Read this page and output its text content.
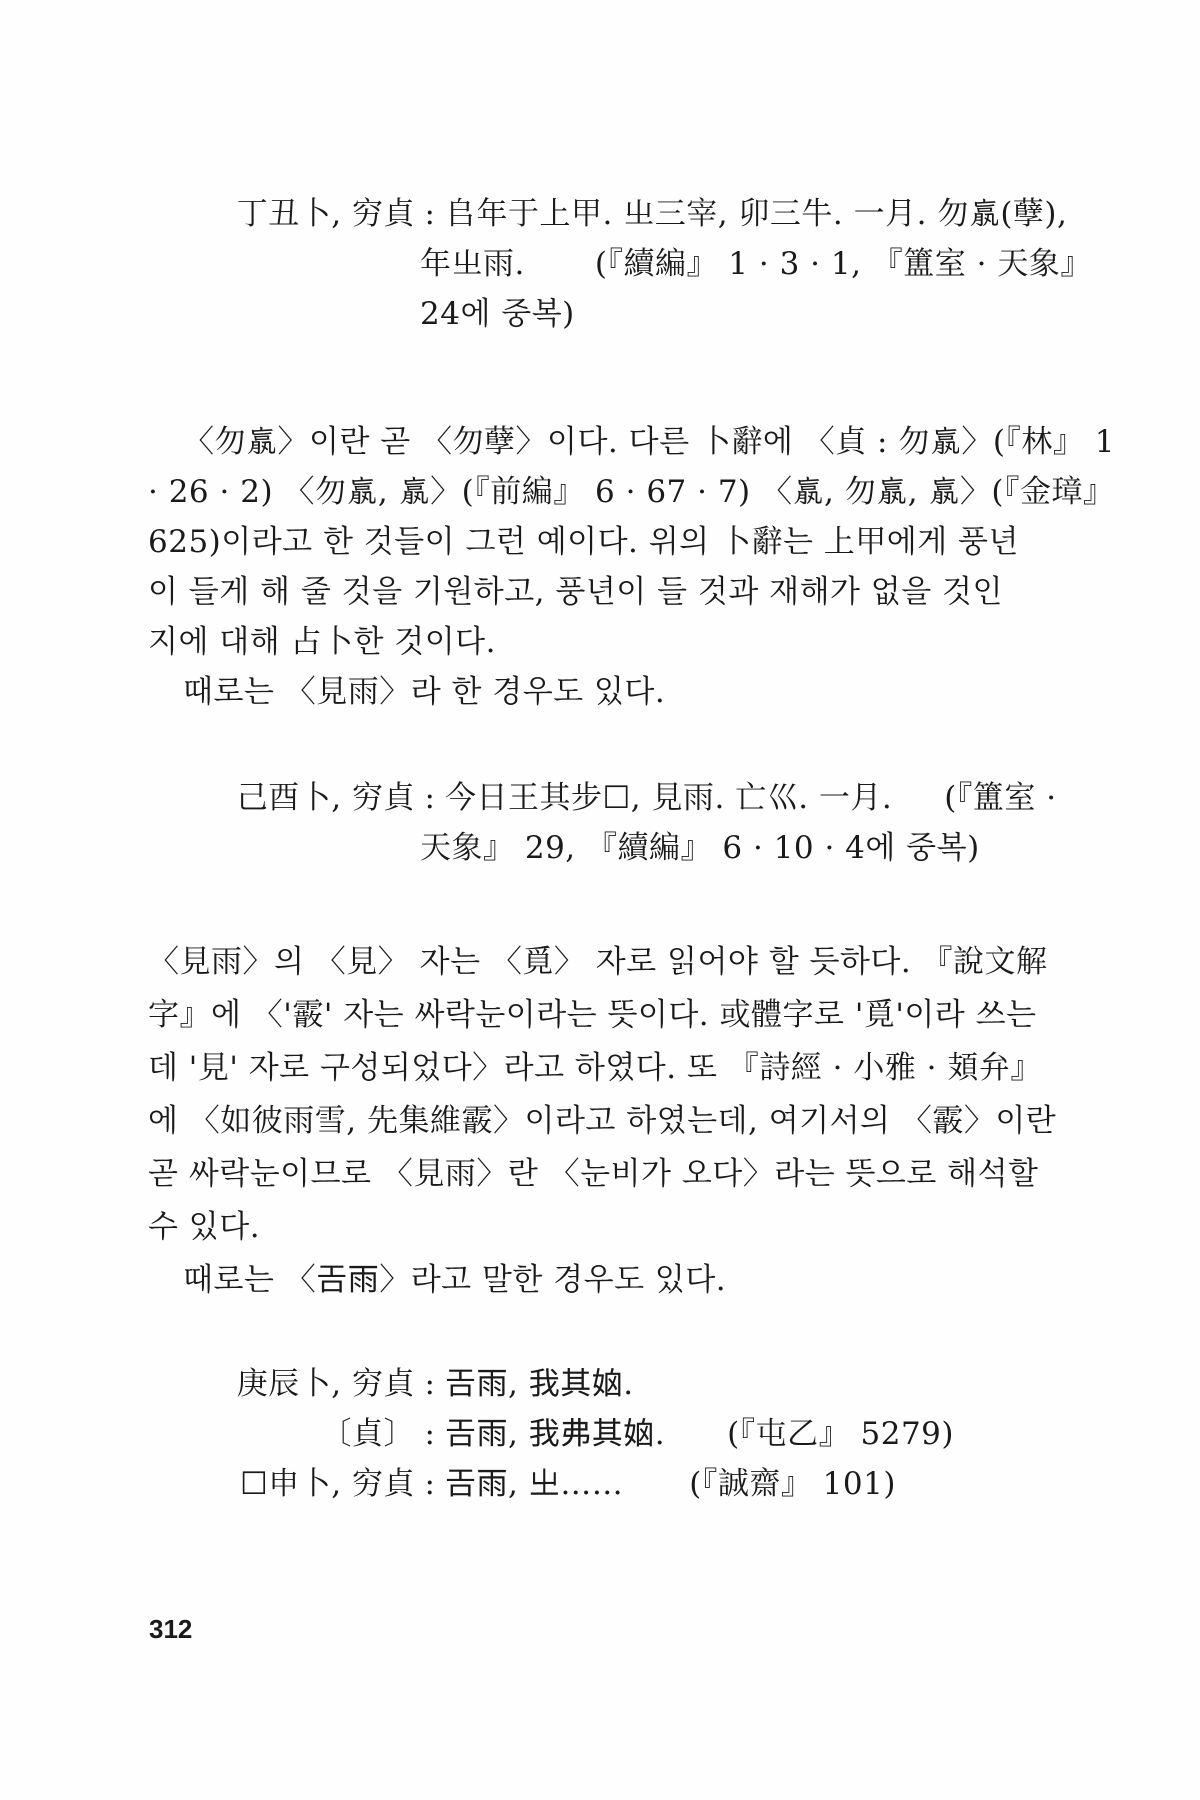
丁丑卜, 穷貞 : 𠂤年于上甲. 㞢三宰, 卯三牛. 一月. 勿𦝠(孽),
年㞢雨. (『續編』 1 · 3 · 1, 『簠室 · 天象』
24에 중복)
〈勿𦝠〉이란 곧 〈勿孽〉이다. 다른 卜辭에 〈貞 : 勿𦝠〉(『林』 1
· 26 · 2) 〈勿𦝠, 𦝠〉(『前編』 6 · 67 · 7) 〈𦝠, 勿𦝠, 𦝠〉(『金璋』
625)이라고 한 것들이 그런 예이다. 위의 卜辭는 上甲에게 풍년
이 들게 해 줄 것을 기원하고, 풍년이 들 것과 재해가 없을 것인
지에 대해 占卜한 것이다.
때로는 〈見雨〉라 한 경우도 있다.
己酉卜, 穷貞 : 今日王其步☐, 見雨. 亡巛. 一月. (『簠室 ·
天象』 29, 『續編』 6 · 10 · 4에 중복)
〈見雨〉의 〈見〉 자는 〈覓〉 자로 읽어야 할 듯하다. 『說文解
字』에 〈'霰' 자는 싸락눈이라는 뜻이다. 或體字로 '覓'이라 쓰는
데 '見' 자로 구성되었다〉라고 하였다. 또 『詩經 · 小雅 · 頍弁』
에 〈如彼雨雪, 先集維霰〉이라고 하였는데, 여기서의 〈霰〉이란
곧 싸락눈이므로 〈見雨〉란 〈눈비가 오다〉라는 뜻으로 해석할
수 있다.
때로는 〈𢀛雨〉라고 말한 경우도 있다.
庚辰卜, 穷貞 : 𢀛雨, 我其𡜧.
〔貞〕 : 𢀛雨, 我弗其𡜧. (『屯乙』 5279)
☐申卜, 穷貞 : 𢀛雨, 㞢…… (『誠齋』 101)
312
